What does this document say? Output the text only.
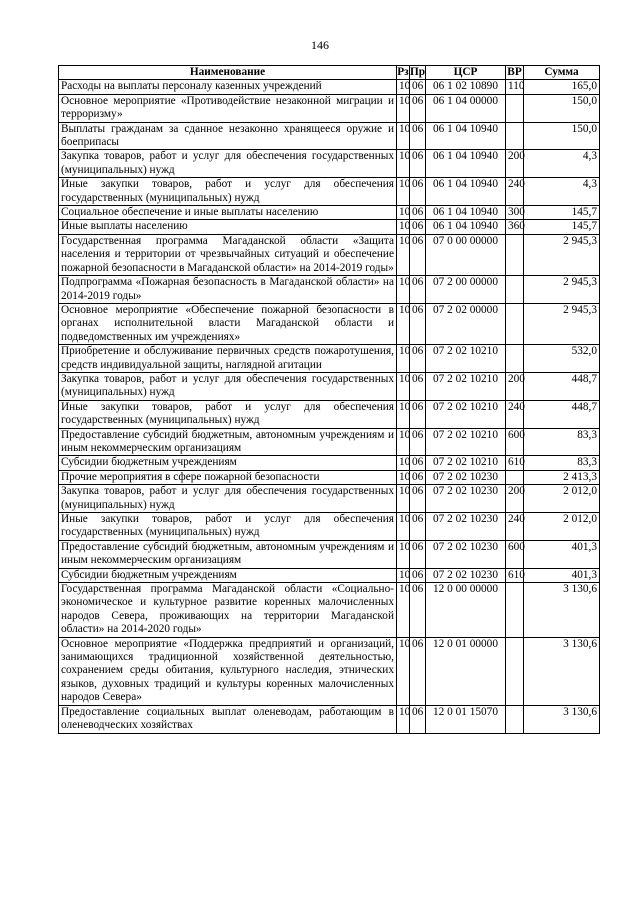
146
Наименование	Рз	Пр	ЦСР	ВР	Сумма
Расходы на выплаты персоналу казенных учреждений	10	06	06 1 02 10890	110	165,0
Основное мероприятие «Противодействие незаконной миграции и терроризму»	10	06	06 1 04 00000		150,0
Выплаты гражданам за сданное незаконно хранящееся оружие и боеприпасы	10	06	06 1 04 10940		150,0
Закупка товаров, работ и услуг для обеспечения государственных (муниципальных) нужд	10	06	06 1 04 10940	200	4,3
Иные закупки товаров, работ и услуг для обеспечения государственных (муниципальных) нужд	10	06	06 1 04 10940	240	4,3
Социальное обеспечение и иные выплаты населению	10	06	06 1 04 10940	300	145,7
Иные выплаты населению	10	06	06 1 04 10940	360	145,7
Государственная программа Магаданской области «Защита населения и территории от чрезвычайных ситуаций и обеспечение пожарной безопасности в Магаданской области» на 2014-2019 годы»	10	06	07 0 00 00000		2 945,3
Подпрограмма «Пожарная безопасность в Магаданской области» на 2014-2019 годы»	10	06	07 2 00 00000		2 945,3
Основное мероприятие «Обеспечение пожарной безопасности в органах исполнительной власти Магаданской области и подведомственных им учреждениях»	10	06	07 2 02 00000		2 945,3
Приобретение и обслуживание первичных средств пожаротушения, средств индивидуальной защиты, наглядной агитации	10	06	07 2 02 10210		532,0
Закупка товаров, работ и услуг для обеспечения государственных (муниципальных) нужд	10	06	07 2 02 10210	200	448,7
Иные закупки товаров, работ и услуг для обеспечения государственных (муниципальных) нужд	10	06	07 2 02 10210	240	448,7
Предоставление субсидий бюджетным, автономным учреждениям и иным некоммерческим организациям	10	06	07 2 02 10210	600	83,3
Субсидии бюджетным учреждениям	10	06	07 2 02 10210	610	83,3
Прочие мероприятия в сфере пожарной безопасности	10	06	07 2 02 10230		2 413,3
Закупка товаров, работ и услуг для обеспечения государственных (муниципальных) нужд	10	06	07 2 02 10230	200	2 012,0
Иные закупки товаров, работ и услуг для обеспечения государственных (муниципальных) нужд	10	06	07 2 02 10230	240	2 012,0
Предоставление субсидий бюджетным, автономным учреждениям и иным некоммерческим организациям	10	06	07 2 02 10230	600	401,3
Субсидии бюджетным учреждениям	10	06	07 2 02 10230	610	401,3
Государственная программа Магаданской области «Социально-экономическое и культурное развитие коренных малочисленных народов Севера, проживающих на территории Магаданской области» на 2014-2020 годы»	10	06	12 0 00 00000		3 130,6
Основное мероприятие «Поддержка предприятий и организаций, занимающихся традиционной хозяйственной деятельностью, сохранением среды обитания, культурного наследия, этнических языков, духовных традиций и культуры коренных малочисленных народов Севера»	10	06	12 0 01 00000		3 130,6
Предоставление социальных выплат оленеводам, работающим в оленеводческих хозяйствах	10	06	12 0 01 15070		3 130,6
